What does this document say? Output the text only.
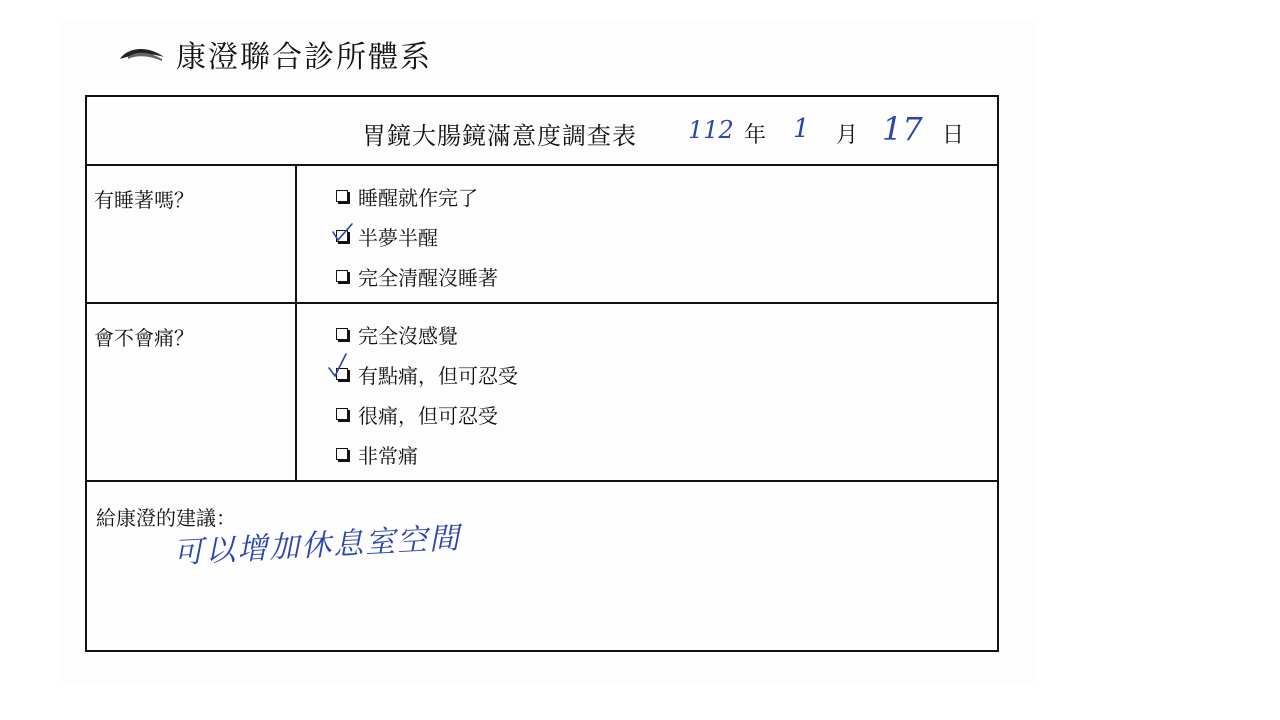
康澄聯合診所體系
胃鏡大腸鏡滿意度調查表 112 年 1 月 17 日
有睡著嗎？	睡醒就作完了
半夢半醒
完全清醒沒睡著
會不會痛？	完全沒感覺
有點痛，但可忍受
很痛，但可忍受
非常痛
給康澄的建議：
可以增加休息室空間
